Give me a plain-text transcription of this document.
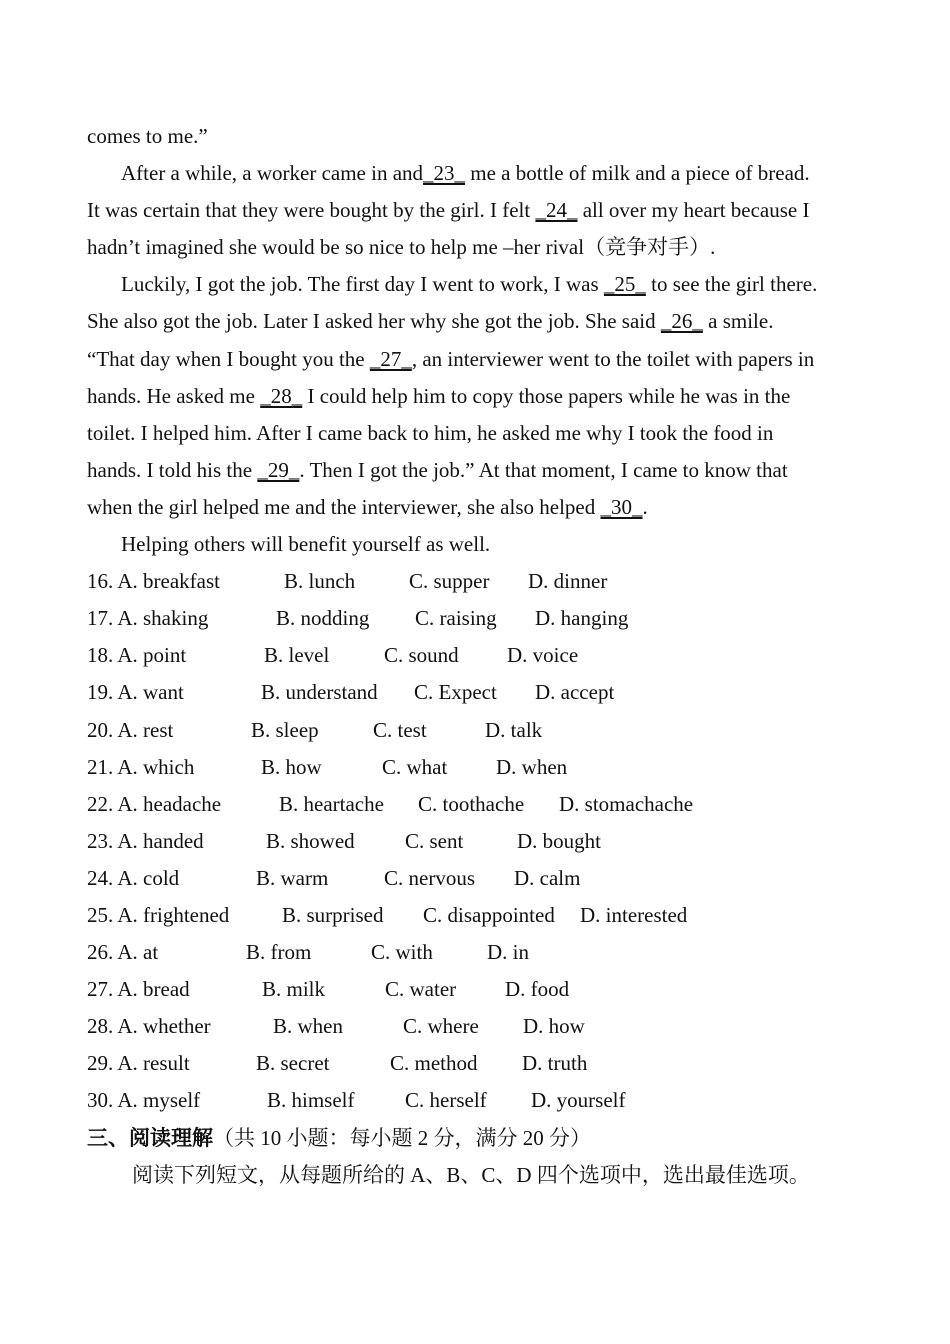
comes to me.”
After a while, a worker came in and_23_ me a bottle of milk and a piece of bread.
It was certain that they were bought by the girl. I felt _24_ all over my heart because I
hadn’t imagined she would be so nice to help me –her rival（竞争对手）.
Luckily, I got the job. The first day I went to work, I was _25_ to see the girl there.
She also got the job. Later I asked her why she got the job. She said _26_ a smile.
“That day when I bought you the _27_, an interviewer went to the toilet with papers in
hands. He asked me _28_ I could help him to copy those papers while he was in the
toilet. I helped him. After I came back to him, he asked me why I took the food in
hands. I told his the _29_. Then I got the job.” At that moment, I came to know that
when the girl helped me and the interviewer, she also helped _30_.
Helping others will benefit yourself as well.
16. A. breakfast	B. lunch	C. supper D. dinner
17. A. shaking	B. nodding C. raising D. hanging
18. A. point	B. level	C. sound D. voice
19. A. want	B. understand C. Expect D. accept
20. A. rest	B. sleep	C. test	D. talk
21. A. which	B. how	C. what D. when
22. A. headache	B. heartache C. toothache D. stomachache
23. A. handed	B. showed C. sent	D. bought
24. A. cold	B. warm	C. nervous D. calm
25. A. frightened	B. surprised C. disappointed D. interested
26. A. at	B. from	C. with	D. in
27. A. bread	B. milk	C. water D. food
28. A. whether	B. when	C. where D. how
29. A. result	B. secret	C. method D. truth
30. A. myself	B. himself C. herself D. yourself
三、阅读理解（共 10 小题：每小题 2 分，满分 20 分）
阅读下列短文，从每题所给的 A、B、C、D 四个选项中，选出最佳选项。
